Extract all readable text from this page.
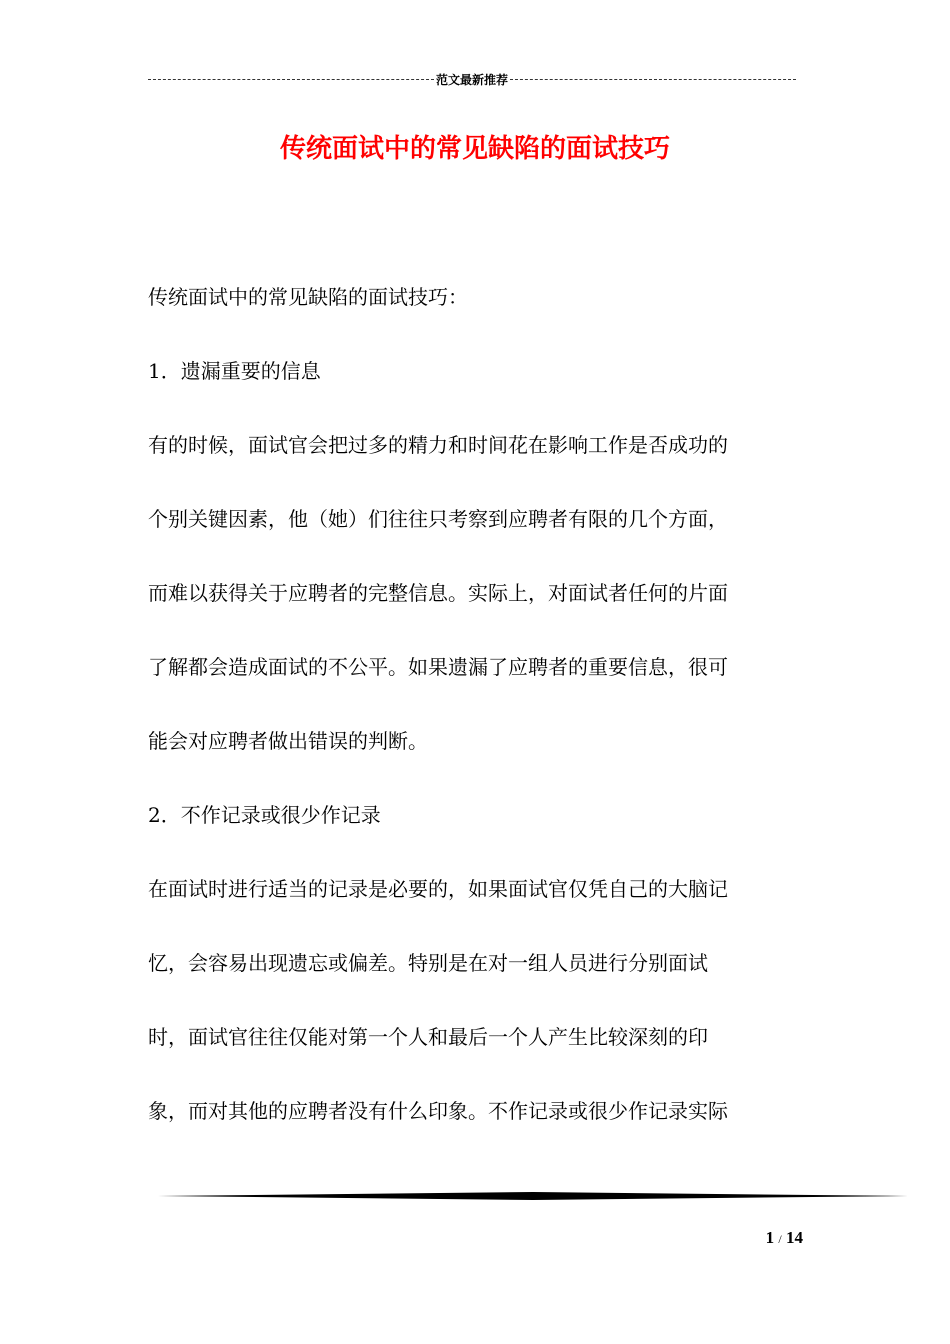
范文最新推荐
传统面试中的常见缺陷的面试技巧
传统面试中的常见缺陷的面试技巧：
1．遗漏重要的信息
有的时候，面试官会把过多的精力和时间花在影响工作是否成功的
个别关键因素，他（她）们往往只考察到应聘者有限的几个方面，
而难以获得关于应聘者的完整信息。实际上，对面试者任何的片面
了解都会造成面试的不公平。如果遗漏了应聘者的重要信息，很可
能会对应聘者做出错误的判断。
2．不作记录或很少作记录
在面试时进行适当的记录是必要的，如果面试官仅凭自己的大脑记
忆，会容易出现遗忘或偏差。特别是在对一组人员进行分别面试
时，面试官往往仅能对第一个人和最后一个人产生比较深刻的印
象，而对其他的应聘者没有什么印象。不作记录或很少作记录实际
1 / 14
